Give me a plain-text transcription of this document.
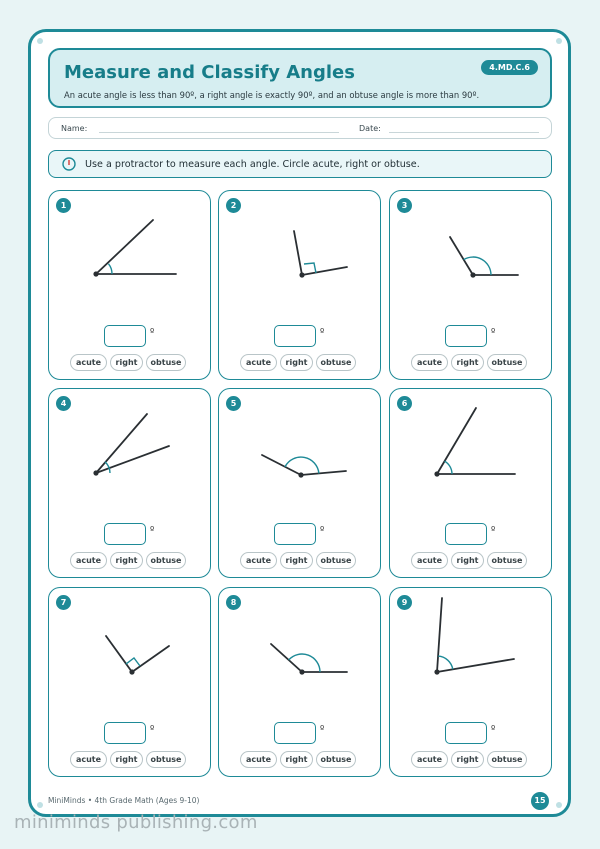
Measure and Classify Angles	4.MD.C.6
An acute angle is less than 90º, a right angle is exactly 90º, and an obtuse angle is more than 90º.
Name:	Date:
Use a protractor to measure each angle. Circle acute, right or obtuse.
1
º
acute	right	obtuse
2
º
acute	right	obtuse
3
º
acute	right	obtuse
4
º
acute	right	obtuse
5
º
acute	right	obtuse
6
º
acute	right	obtuse
7
º
acute	right	obtuse
8
º
acute	right	obtuse
9
º
acute	right	obtuse
MiniMinds • 4th Grade Math (Ages 9-10)	15
miniminds publishing.com
